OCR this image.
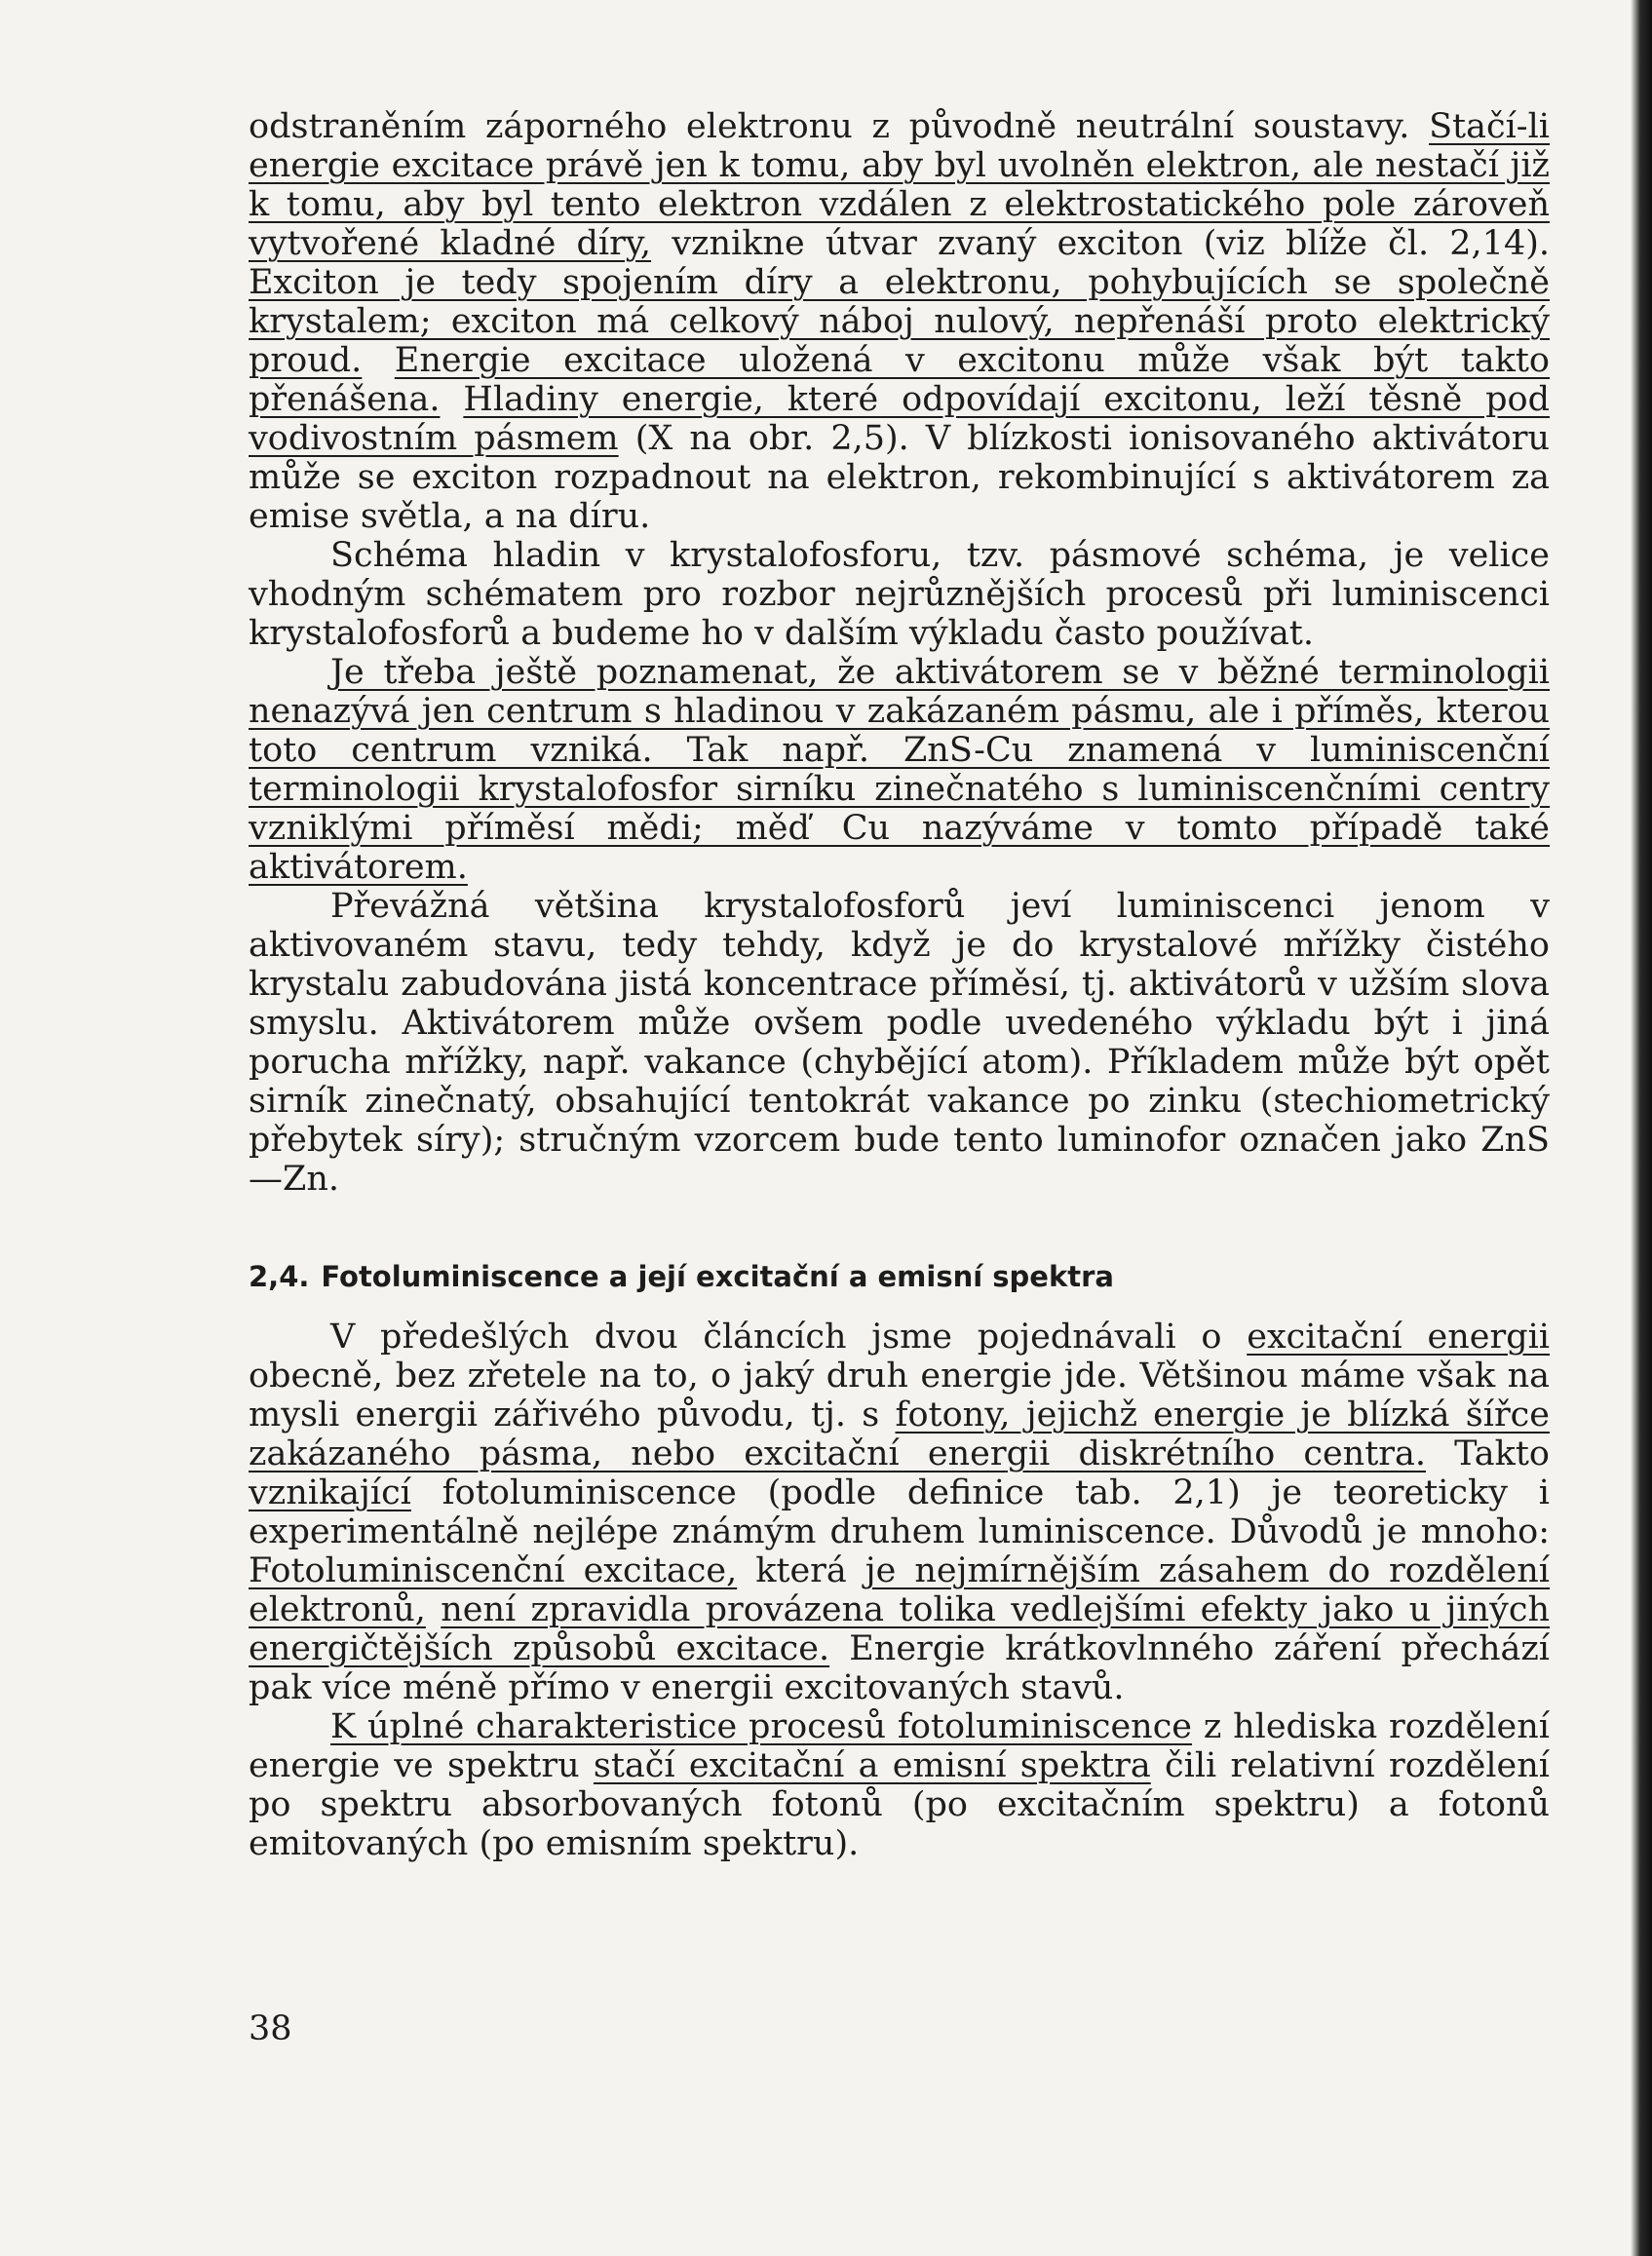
odstraněním záporného elektronu z původně neutrální soustavy. Stačí-li energie excitace právě jen k tomu, aby byl uvolněn elektron, ale nestačí již k tomu, aby byl tento elektron vzdálen z elektrostatického pole zároveň vytvořené kladné díry, vznikne útvar zvaný exciton (viz blíže čl. 2,14). Exciton je tedy spojením díry a elektronu, pohybujících se společně krystalem; exciton má celkový náboj nulový, nepřenáší proto elektrický proud. Energie excitace uložená v excitonu může však být takto přenášena. Hladiny energie, které odpovídají excitonu, leží těsně pod vodivostním pásmem (X na obr. 2,5). V blízkosti ionisovaného aktivátoru může se exciton rozpadnout na elektron, rekombinující s aktivátorem za emise světla, a na díru.

Schéma hladin v krystalofosforu, tzv. pásmové schéma, je velice vhodným schématem pro rozbor nejrůznějších procesů při luminiscenci krystalofosforů a budeme ho v dalším výkladu často používat.

Je třeba ještě poznamenat, že aktivátorem se v běžné terminologii nenazývá jen centrum s hladinou v zakázaném pásmu, ale i příměs, kterou toto centrum vzniká. Tak např. ZnS-Cu znamená v luminiscenční terminologii krystalofosfor sirníku zinečnatého s luminiscenčními centry vzniklými příměsí mědi; měď Cu nazýváme v tomto případě také aktivátorem.

Převážná většina krystalofosforů jeví luminiscenci jenom v aktivovaném stavu, tedy tehdy, když je do krystalové mřížky čistého krystalu zabudována jistá koncentrace příměsí, tj. aktivátorů v užším slova smyslu. Aktivátorem může ovšem podle uvedeného výkladu být i jiná porucha mřížky, např. vakance (chybějící atom). Příkladem může být opět sirník zinečnatý, obsahující tentokrát vakance po zinku (stechiometrický přebytek síry); stručným vzorcem bude tento luminofor označen jako ZnS—Zn.

2,4. Fotoluminiscence a její excitační a emisní spektra

V předešlých dvou článcích jsme pojednávali o excitační energii obecně, bez zřetele na to, o jaký druh energie jde. Většinou máme však na mysli energii zářivého původu, tj. s fotony, jejichž energie je blízká šířce zakázaného pásma, nebo excitační energii diskrétního centra. Takto vznikající fotoluminiscence (podle definice tab. 2,1) je teoreticky i experimentálně nejlépe známým druhem luminiscence. Důvodů je mnoho: Fotoluminiscenční excitace, která je nejmírnějším zásahem do rozdělení elektronů, není zpravidla provázena tolika vedlejšími efekty jako u jiných energičtějších způsobů excitace. Energie krátkovlnného záření přechází pak více méně přímo v energii excitovaných stavů.

K úplné charakteristice procesů fotoluminiscence z hlediska rozdělení energie ve spektru stačí excitační a emisní spektra čili relativní rozdělení po spektru absorbovaných fotonů (po excitačním spektru) a fotonů emitovaných (po emisním spektru).

38
